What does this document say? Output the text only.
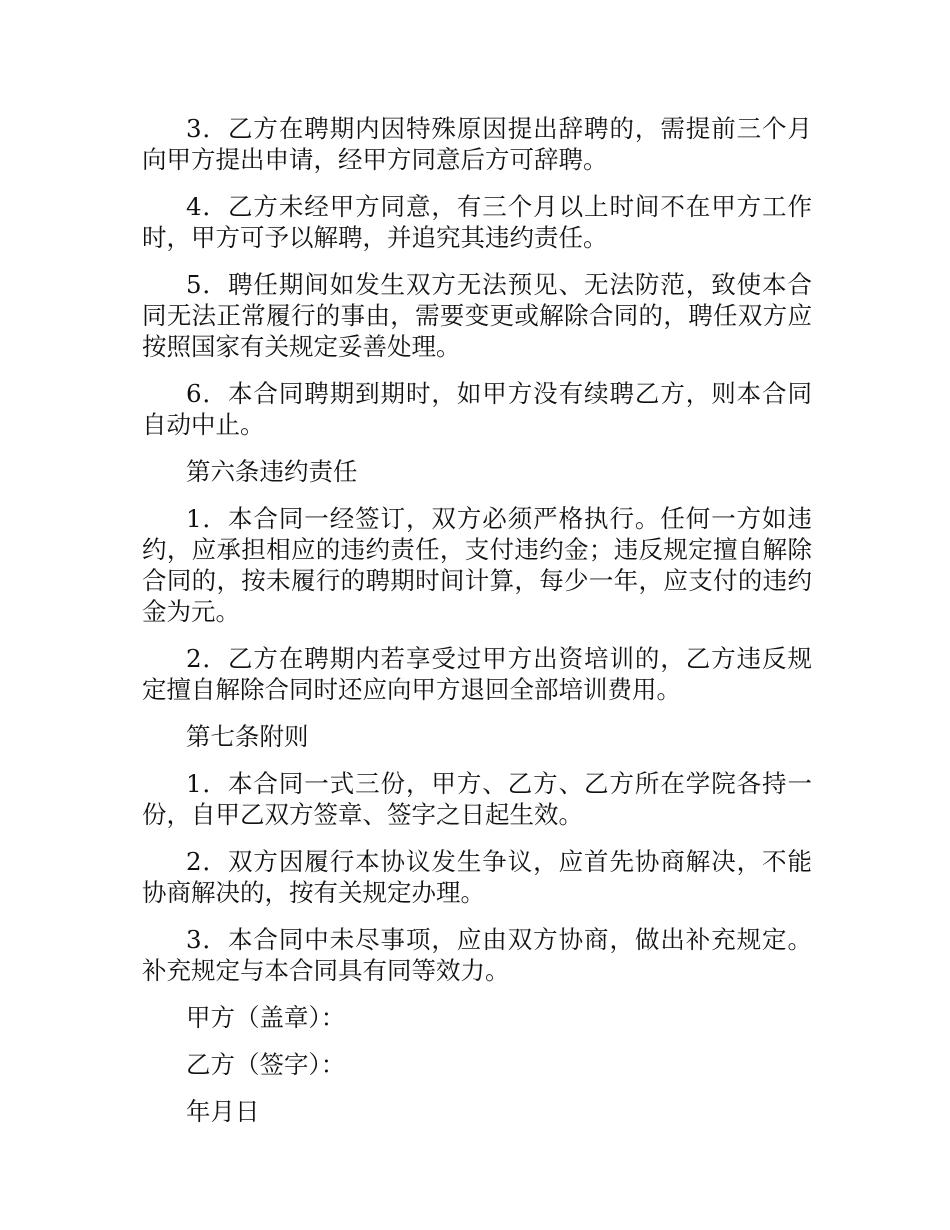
3．乙方在聘期内因特殊原因提出辞聘的，需提前三个月向甲方提出申请，经甲方同意后方可辞聘。

4．乙方未经甲方同意，有三个月以上时间不在甲方工作时，甲方可予以解聘，并追究其违约责任。

5．聘任期间如发生双方无法预见、无法防范，致使本合同无法正常履行的事由，需要变更或解除合同的，聘任双方应按照国家有关规定妥善处理。

6．本合同聘期到期时，如甲方没有续聘乙方，则本合同自动中止。

第六条违约责任

1．本合同一经签订，双方必须严格执行。任何一方如违约，应承担相应的违约责任，支付违约金；违反规定擅自解除合同的，按未履行的聘期时间计算，每少一年，应支付的违约金为元。

2．乙方在聘期内若享受过甲方出资培训的，乙方违反规定擅自解除合同时还应向甲方退回全部培训费用。

第七条附则

1．本合同一式三份，甲方、乙方、乙方所在学院各持一份，自甲乙双方签章、签字之日起生效。

2．双方因履行本协议发生争议，应首先协商解决，不能协商解决的，按有关规定办理。

3．本合同中未尽事项，应由双方协商，做出补充规定。补充规定与本合同具有同等效力。

甲方（盖章）：

乙方（签字）：

年月日
